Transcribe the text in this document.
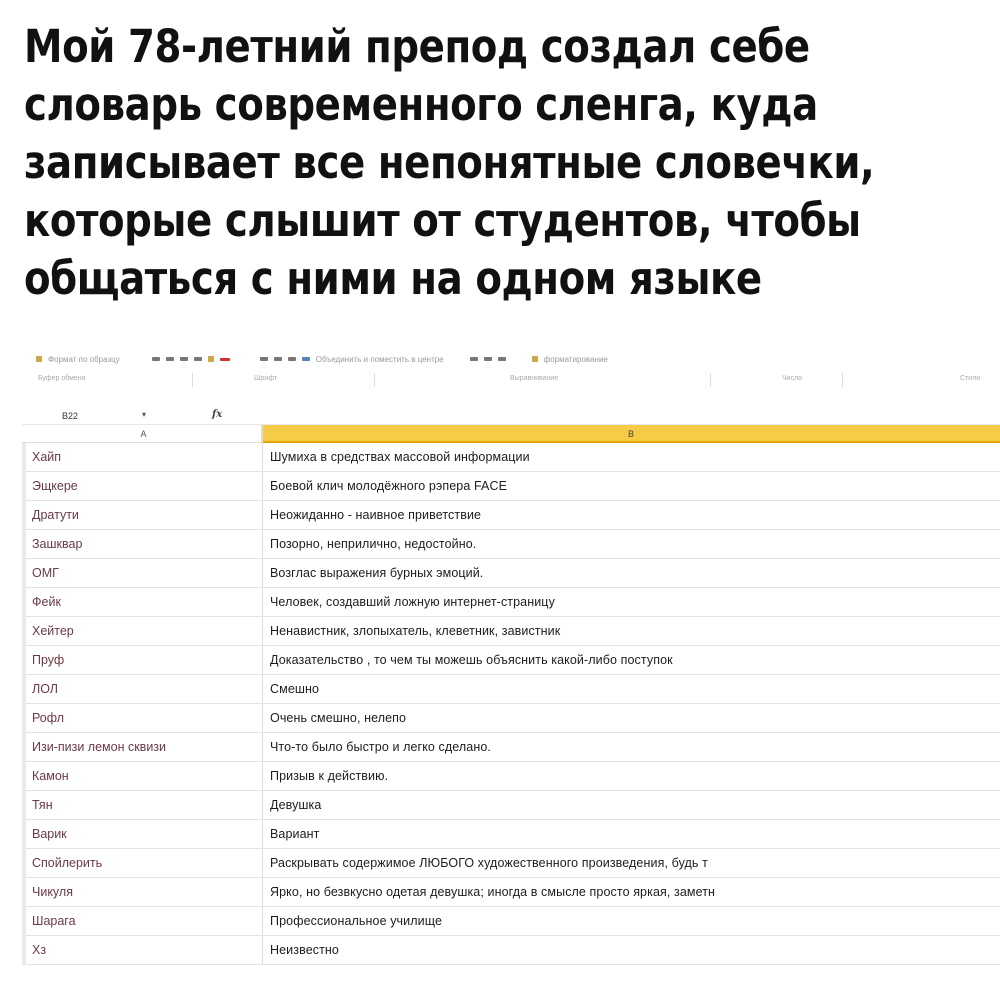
Мой 78-летний препод создал себе
словарь современного сленга, куда
записывает все непонятные словечки,
которые слышит от студентов, чтобы
общаться с ними на одном языке
Формат по образцу	Объединить и поместить в центре	форматирование
Буфер обмена	Шрифт	Выравнивание	Число	Стили
B22	▾	fx
A	B
Хайп	Шумиха в средствах массовой информации
Эщкере	Боевой клич молодёжного рэпера FACE
Дратути	Неожиданно - наивное приветствие
Зашквар	Позорно, неприлично, недостойно.
ОМГ	Возглас выражения бурных эмоций.
Фейк	Человек, создавший ложную интернет-страницу
Хейтер	Ненавистник, злопыхатель, клеветник, завистник
Пруф	Доказательство , то чем ты можешь объяснить какой-либо поступок
ЛОЛ	Смешно
Рофл	Очень смешно, нелепо
Изи-пизи лемон сквизи	Что-то было быстро и легко сделано.
Камон	Призыв к действию.
Тян	Девушка
Варик	Вариант
Спойлерить	Раскрывать содержимое ЛЮБОГО художественного произведения, будь т
Чикуля	Ярко, но безвкусно одетая девушка; иногда в смысле просто яркая, заметн
Шарага	Профессиональное училище
Хз	Неизвестно
